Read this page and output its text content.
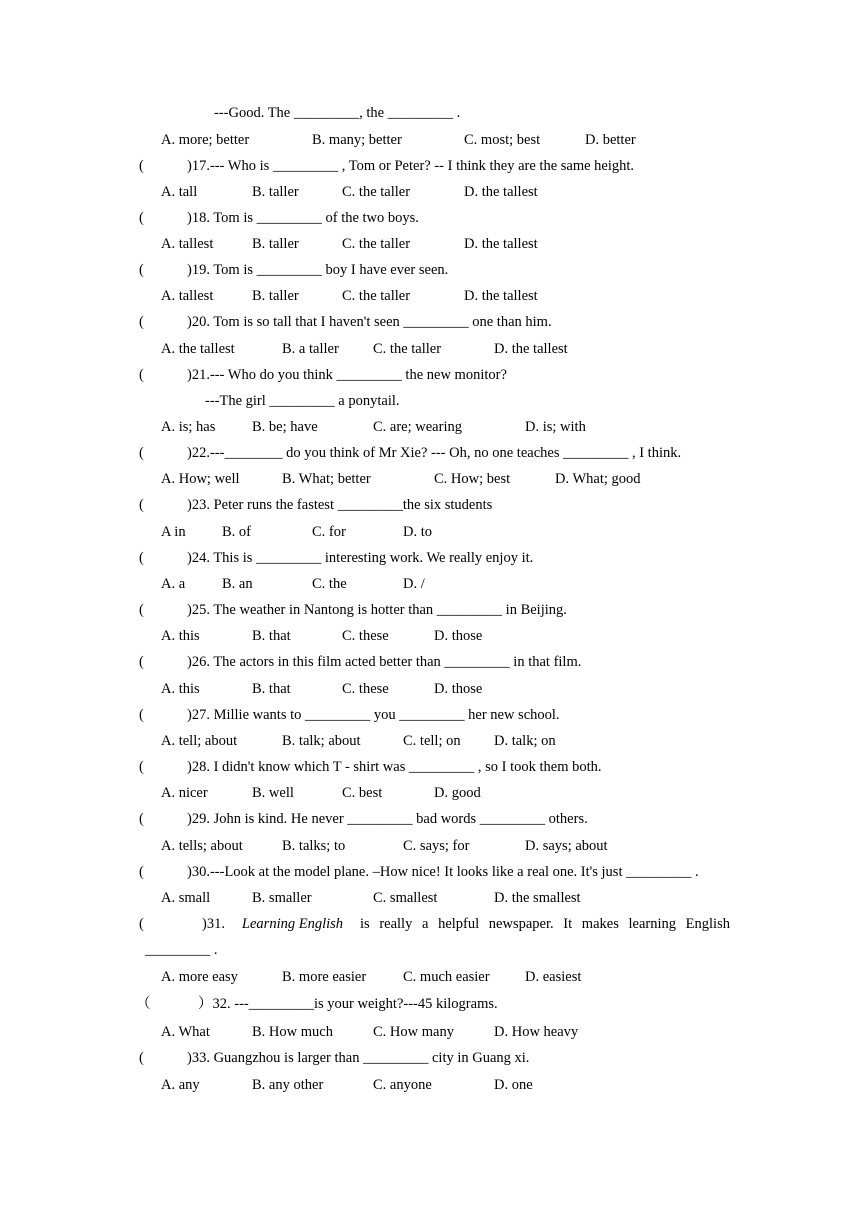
---Good. The _________, the _________ .
A. more; better	B. many; better	C. most; best	D. better
(	)17.--- Who is _________ , Tom or Peter? -- I think they are the same height.
A. tall	B. taller	C. the taller	D. the tallest
(	)18. Tom is _________ of the two boys.
A. tallest	B. taller	C. the taller	D. the tallest
(	)19. Tom is _________ boy I have ever seen.
A. tallest	B. taller	C. the taller	D. the tallest
(	)20. Tom is so tall that I haven't seen _________ one than him.
A. the tallest	B. a taller C. the taller	D. the tallest
(	)21.--- Who do you think _________ the new monitor?
---The girl _________ a ponytail.
A. is; has	B. be; have	C. are; wearing	D. is; with
(	)22.---________ do you think of Mr Xie? --- Oh, no one teaches _________ , I think.
A. How; well	B. What; better	C. How; best	D. What; good
(	)23. Peter runs the fastest _________the six students
A in	B. of	C. for	D. to
(	)24. This is _________ interesting work. We really enjoy it.
A. a	B. an	C. the	D. /
(	)25. The weather in Nantong is hotter than _________ in Beijing.
A. this	B. that	C. these	D. those
(	)26. The actors in this film acted better than _________ in that film.
A. this	B. that	C. these	D. those
(	)27. Millie wants to _________ you _________ her new school.
A. tell; about	B. talk; about	C. tell; on D. talk; on
(	)28. I didn't know which T - shirt was _________ , so I took them both.
A. nicer	B. well	C. best	D. good
(	)29. John is kind. He never _________ bad words _________ others.
A. tells; about	B. talks; to	C. says; for	D. says; about
(	)30.---Look at the model plane. –How nice! It looks like a real one. It's just _________ .
A. small	B. smaller	C. smallest	D. the smallest
(	)31. Learning English is really a helpful newspaper. It makes learning English
_________ .
A. more easy	B. more easier	C. much easier D. easiest
（	）32. ---_________is your weight?---45 kilograms.
A. What	B. How much	C. How many	D. How heavy
(	)33. Guangzhou is larger than _________ city in Guang xi.
A. any	B. any other	C. anyone	D. one
